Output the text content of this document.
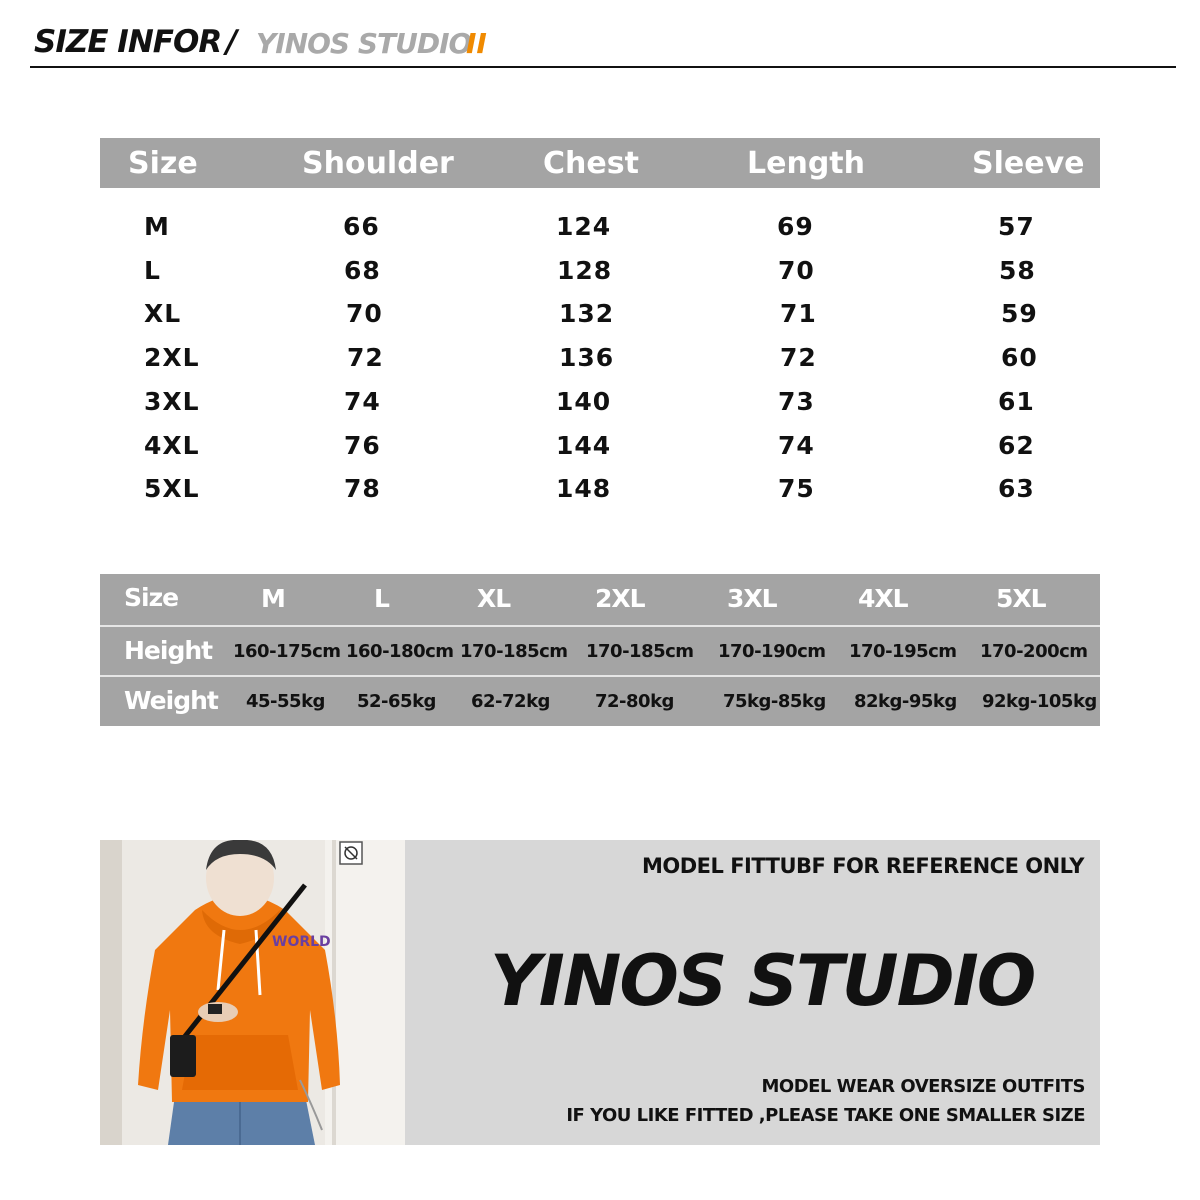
SIZE INFOR / YINOS STUDIO
II
Size	Shoulder	Chest	Length	Sleeve
M	66	124	69	57
L	68	128	70	58
XL	70	132	71	59
2XL	72	136	72	60
3XL	74	140	73	61
4XL	76	144	74	62
5XL	78	148	75	63
Size	M	L	XL	2XL	3XL	4XL	5XL
Height 160-175cm 160-180cm 170-185cm 170-185cm 170-190cm 170-195cm 170-200cm
Weight 45-55kg 52-65kg 62-72kg	72-80kg	75kg-85kg 82kg-95kg 92kg-105kg
WORLD
MODEL FITTUBF FOR REFERENCE ONLY
YINOS STUDIO
MODEL WEAR OVERSIZE OUTFITS
IF YOU LIKE FITTED ,PLEASE TAKE ONE SMALLER SIZE
